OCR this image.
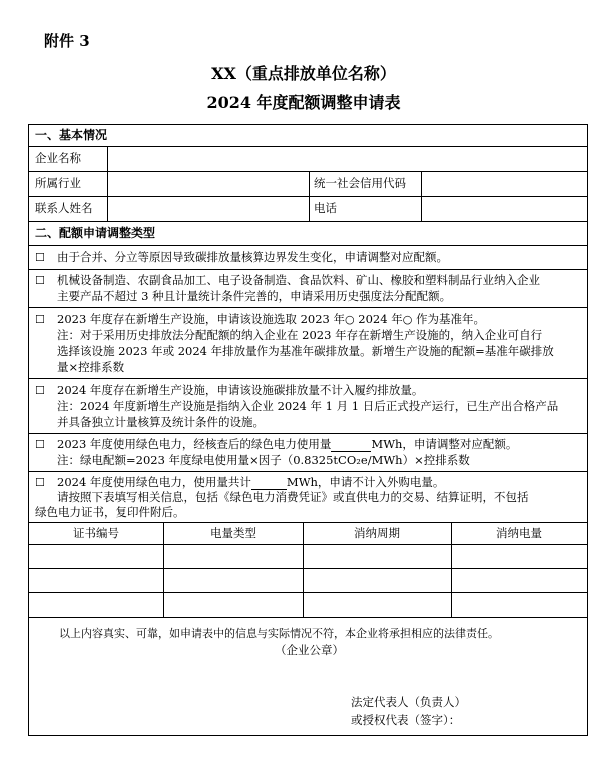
附件 3
XX（重点排放单位名称）
2024 年度配额调整申请表
一、基本情况
企业名称
所属行业	统一社会信用代码
联系人姓名	电话
二、配额申请调整类型
☐ 由于合并、分立等原因导致碳排放量核算边界发生变化，申请调整对应配额。
☐ 机械设备制造、农副食品加工、电子设备制造、食品饮料、矿山、橡胶和塑料制品行业纳入企业
主要产品不超过 3 种且计量统计条件完善的，申请采用历史强度法分配配额。
☐ 2023 年度存在新增生产设施，申请该设施选取 2023 年○ 2024 年○ 作为基准年。
注：对于采用历史排放法分配配额的纳入企业在 2023 年存在新增生产设施的，纳入企业可自行
选择该设施 2023 年或 2024 年排放量作为基准年碳排放量。新增生产设施的配额=基准年碳排放
量×控排系数
☐ 2024 年度存在新增生产设施，申请该设施碳排放量不计入履约排放量。
注：2024 年度新增生产设施是指纳入企业 2024 年 1 月 1 日后正式投产运行，已生产出合格产品
并具备独立计量核算及统计条件的设施。
☐ 2023 年度使用绿色电力，经核查后的绿色电力使用量	MWh，申请调整对应配额。
注：绿电配额=2023 年度绿电使用量×因子（0.8325tCO₂e/MWh）×控排系数
☐ 2024 年度使用绿色电力，使用量共计	MWh，申请不计入外购电量。
请按照下表填写相关信息，包括《绿色电力消费凭证》或直供电力的交易、结算证明，不包括
绿色电力证书，复印件附后。
证书编号	电量类型	消纳周期	消纳电量
以上内容真实、可靠，如申请表中的信息与实际情况不符，本企业将承担相应的法律责任。
（企业公章）
法定代表人（负责人）
或授权代表（签字）：
